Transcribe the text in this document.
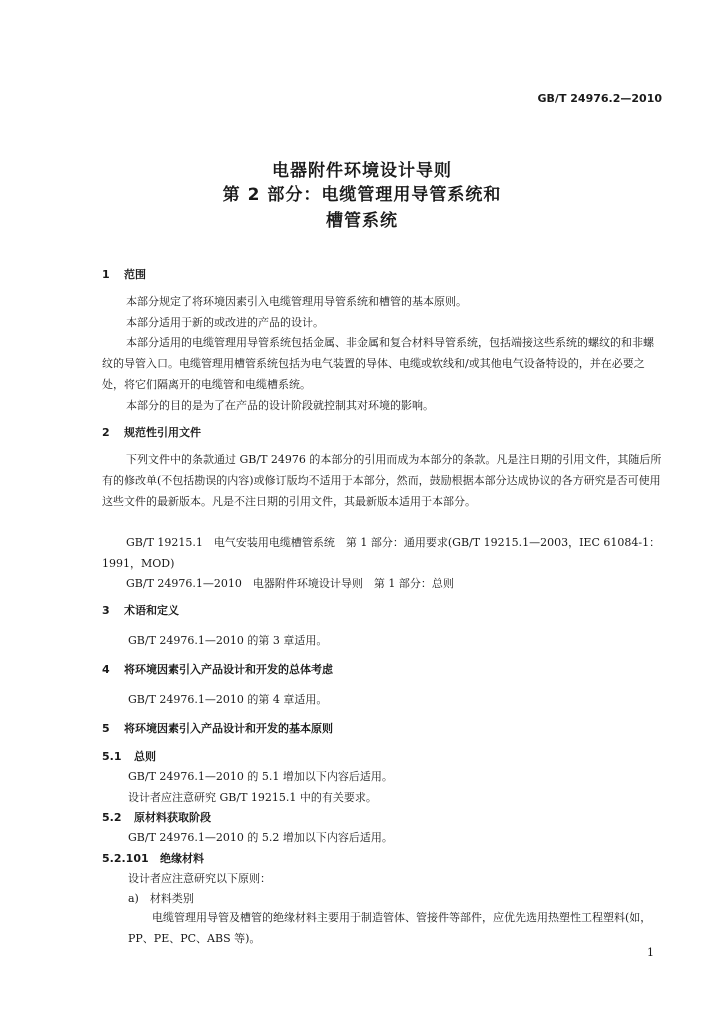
GB/T 24976.2—2010
电器附件环境设计导则
第 2 部分：电缆管理用导管系统和
槽管系统
1 范围
本部分规定了将环境因素引入电缆管理用导管系统和槽管的基本原则。
本部分适用于新的或改进的产品的设计。
本部分适用的电缆管理用导管系统包括金属、非金属和复合材料导管系统，包括端接这些系统的螺纹的和非螺纹的导管入口。电缆管理用槽管系统包括为电气装置的导体、电缆或软线和/或其他电气设备特设的，并在必要之处，将它们隔离开的电缆管和电缆槽系统。
本部分的目的是为了在产品的设计阶段就控制其对环境的影响。
2 规范性引用文件
下列文件中的条款通过 GB/T 24976 的本部分的引用而成为本部分的条款。凡是注日期的引用文件，其随后所有的修改单(不包括勘误的内容)或修订版均不适用于本部分，然而，鼓励根据本部分达成协议的各方研究是否可使用这些文件的最新版本。凡是不注日期的引用文件，其最新版本适用于本部分。
GB/T 19215.1　电气安装用电缆槽管系统　第 1 部分：通用要求(GB/T 19215.1—2003，IEC 61084-1：1991，MOD)
GB/T 24976.1—2010　电器附件环境设计导则　第 1 部分：总则
3 术语和定义
GB/T 24976.1—2010 的第 3 章适用。
4 将环境因素引入产品设计和开发的总体考虑
GB/T 24976.1—2010 的第 4 章适用。
5 将环境因素引入产品设计和开发的基本原则
5.1 总则
GB/T 24976.1—2010 的 5.1 增加以下内容后适用。
设计者应注意研究 GB/T 19215.1 中的有关要求。
5.2 原材料获取阶段
GB/T 24976.1—2010 的 5.2 增加以下内容后适用。
5.2.101 绝缘材料
设计者应注意研究以下原则：
a)　 材料类别
电缆管理用导管及槽管的绝缘材料主要用于制造管体、管接件等部件，应优先选用热塑性工程塑料(如，PP、PE、PC、ABS 等)。
1
